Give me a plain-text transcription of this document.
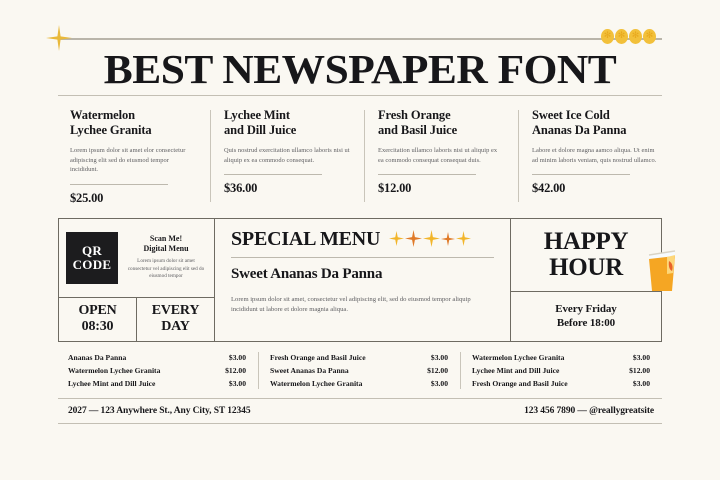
✻ ✻ ✻ ✻
BEST NEWSPAPER FONT
Watermelon
Lychee Granita
Lorem ipsum dolor sit amet elor consectetur adipiscing elit sed do eiusmod tempor incididunt.
$25.00
Lychee Mint
and Dill Juice
Quis nostrud exercitation ullamco laboris nisi ut aliquip ex ea commodo consequat.
$36.00
Fresh Orange
and Basil Juice
Exercitation ullamco laboris nisi ut aliquip ex ea commodo consequat consequat duis.
$12.00
Sweet Ice Cold
Ananas Da Panna
Labore et dolore magna aamco aliqua. Ut enim ad minim laboris veniam, quis nostrud ullamco.
$42.00
QR
CODE
Scan Me!
Digital Menu
Lorem ipsum dolor sit amet consectetur vel adipiscing elit sed do eiusmod tempor
OPEN
08:30
EVERY
DAY
SPECIAL MENU
Sweet Ananas Da Panna
Lorem ipsum dolor sit amet, consectetur vel adipiscing elit, sed do eiusmod tempor aliquip incididunt ut labore et dolore magnia aliqua.
HAPPY
HOUR
Every Friday
Before 18:00
Ananas Da Panna	$3.00
Watermelon Lychee Granita	$12.00
Lychee Mint and Dill Juice	$3.00
Fresh Orange and Basil Juice	$3.00
Sweet Ananas Da Panna	$12.00
Watermelon Lychee Granita	$3.00
Watermelon Lychee Granita	$3.00
Lychee Mint and Dill Juice	$12.00
Fresh Orange and Basil Juice	$3.00
2027 — 123 Anywhere St., Any City, ST 12345	123 456 7890 — @reallygreatsite
